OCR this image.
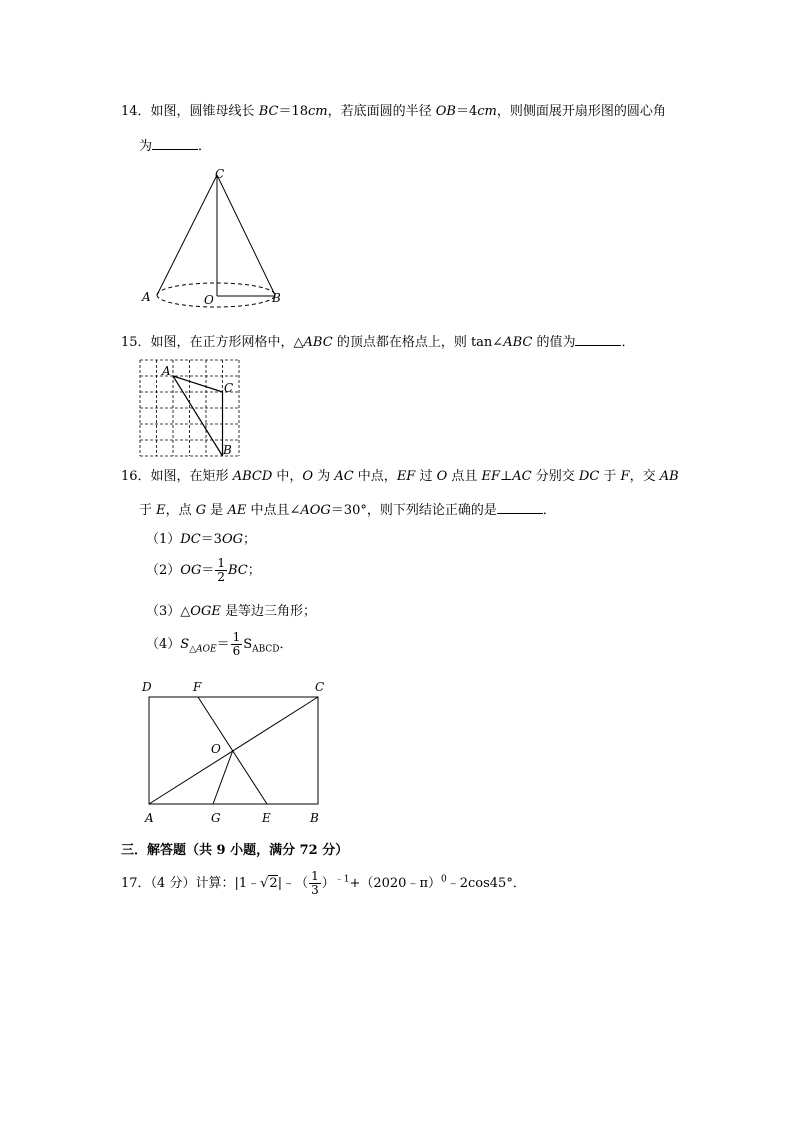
14．如图，圆锥母线长 BC＝18cm，若底面圆的半径 OB＝4cm，则侧面展开扇形图的圆心角
为	．
C
A	O	B
15．如图，在正方形网格中，△ABC 的顶点都在格点上，则 tan∠ABC 的值为	．
A
C
B
16．如图，在矩形 ABCD 中，O 为 AC 中点，EF 过 O 点且 EF⊥AC 分别交 DC 于 F，交 AB
于 E，点 G 是 AE 中点且∠AOG＝30°，则下列结论正确的是	．
（1）DC＝3OG；
$(2)OG= \frac{1}{2}$ BC；
（3）△OGE 是等边三角形；
$(4)S_{\triangle AOE}= \frac{1}{6} S_{ABCD}$．
D	F	C
O
A	G	E	B
三．解答题（共 9 小题，满分 72 分）
17．（4 分）计算：|1﹣√2|﹣（ $\frac{1}{3}$ ）$^{﹣1}$+（2020﹣π）$^0$﹣2cos45°．
